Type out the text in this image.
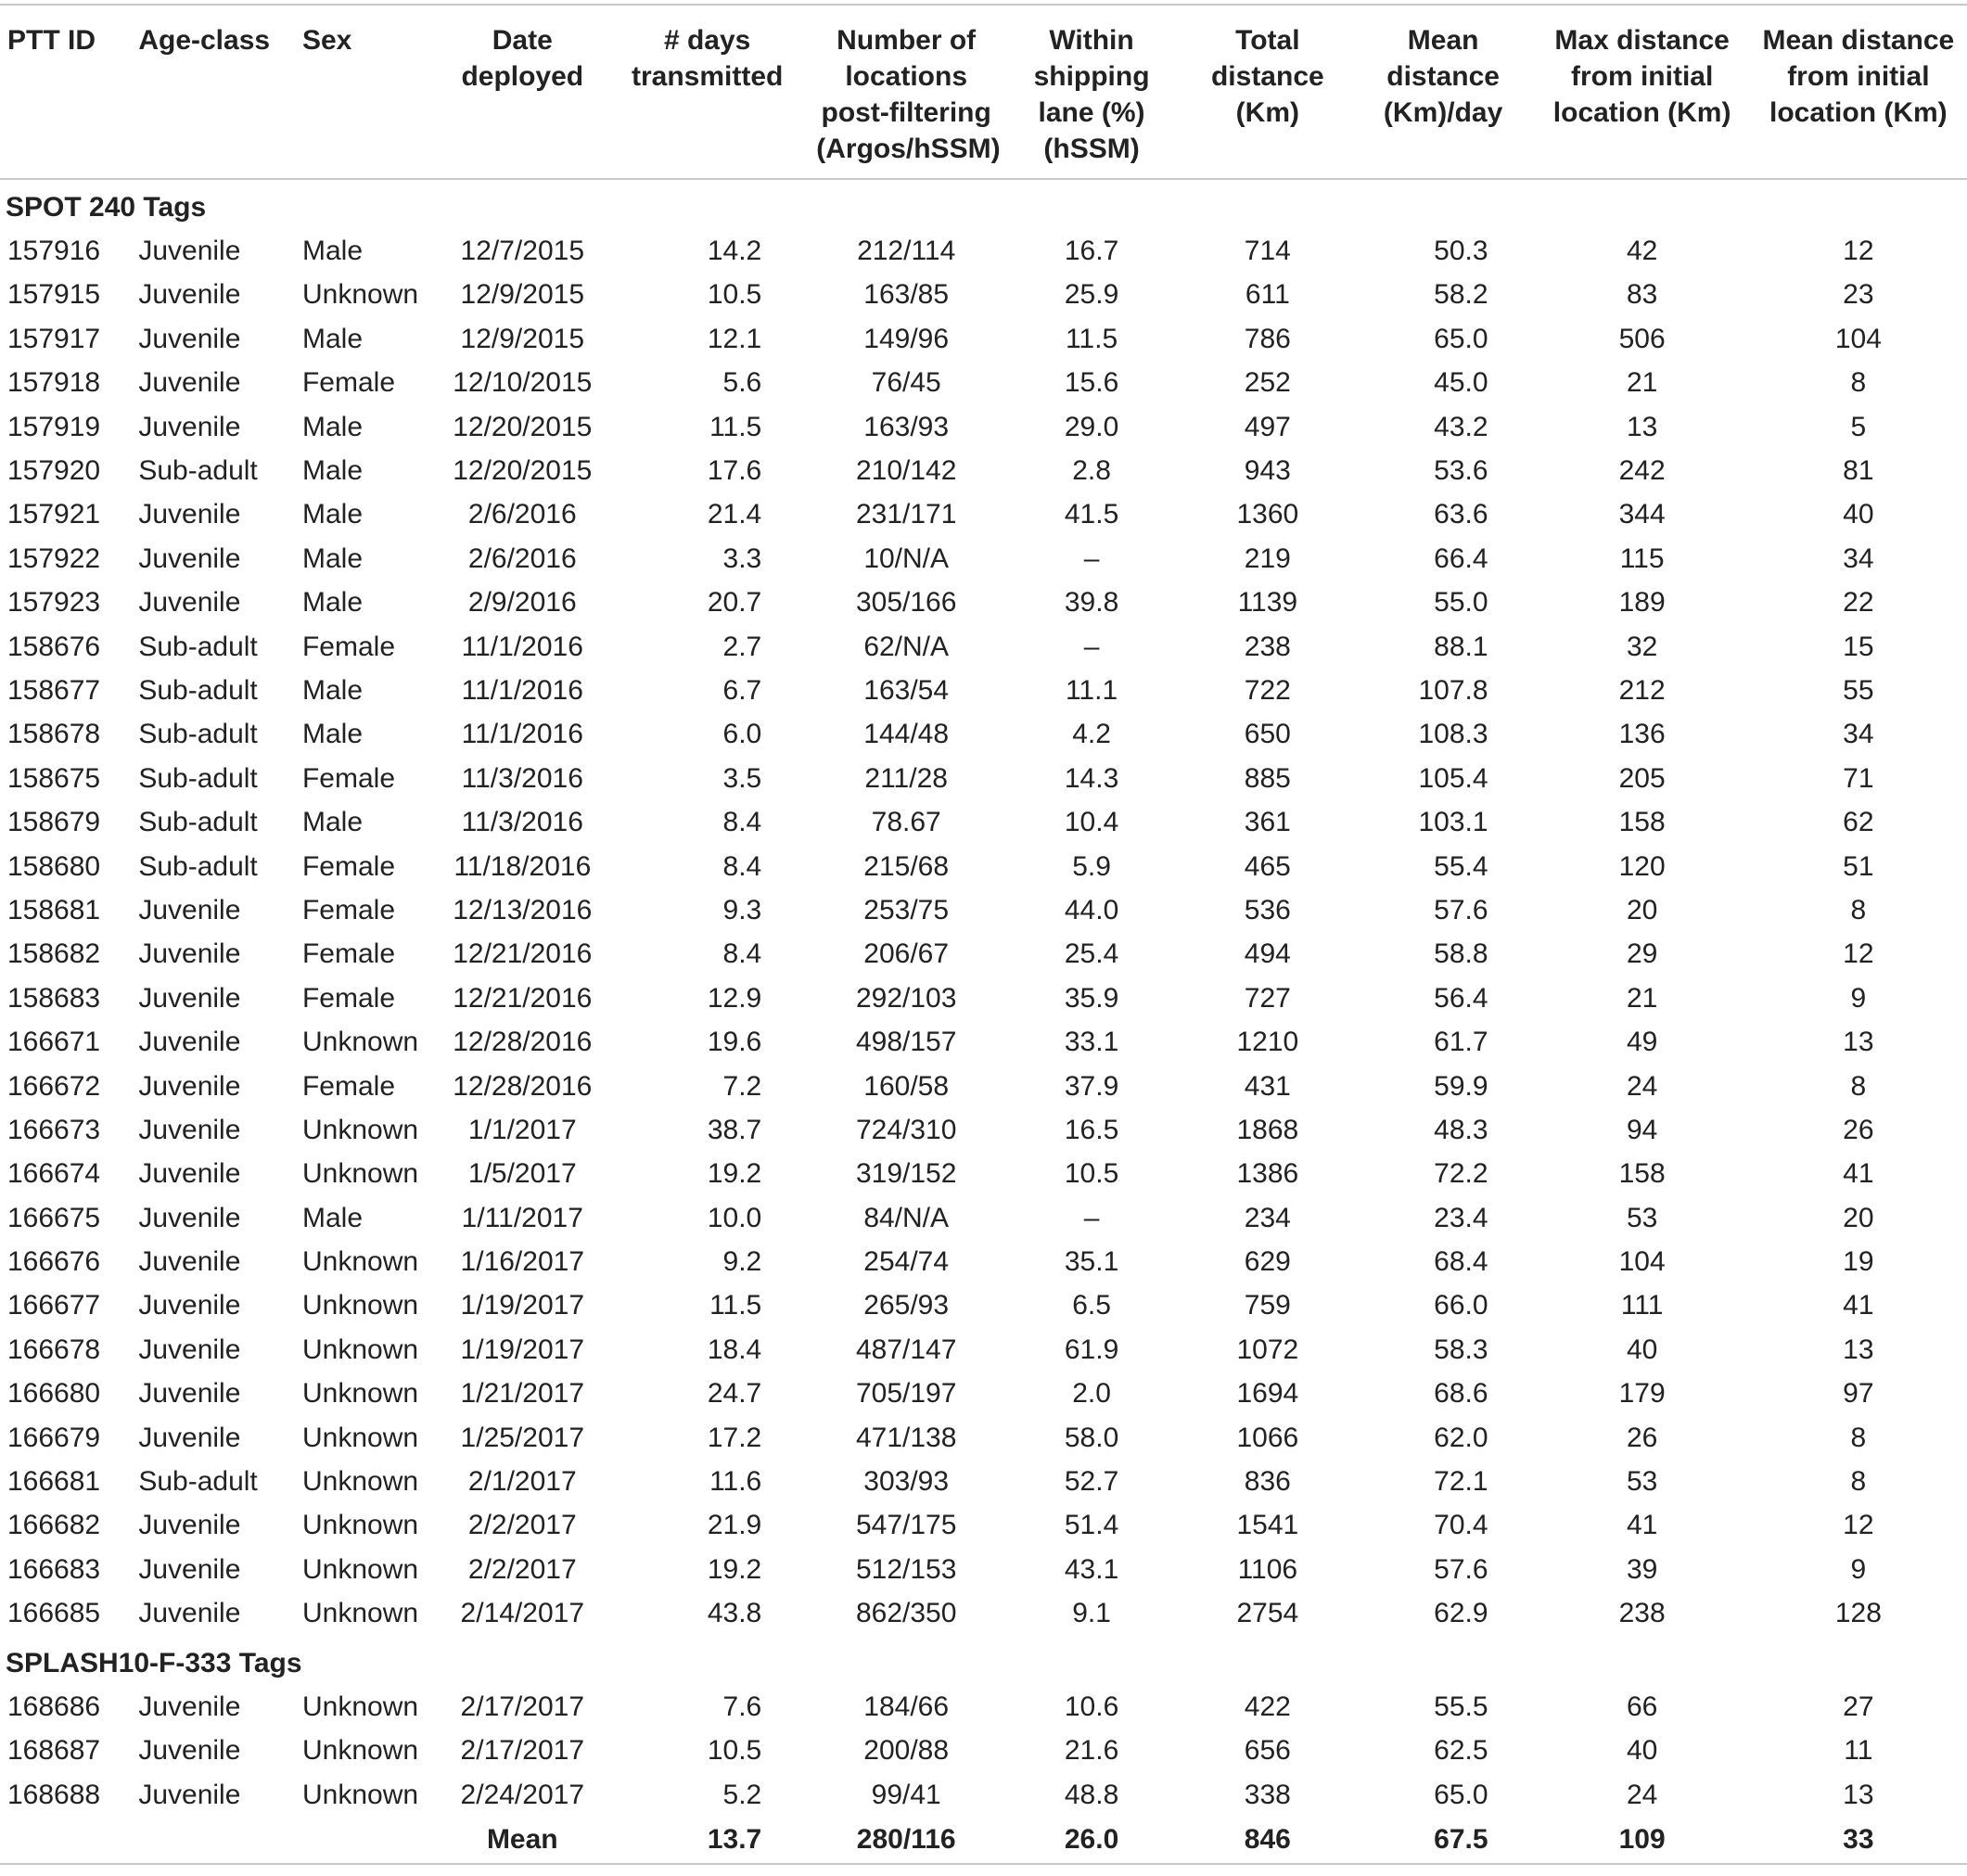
PTT ID	Age-class	Sex	Date deployed	# days transmitted	Number of locations post-filtering (Argos/hSSM)	Within shipping lane (%) (hSSM)	Total distance (Km)	Mean distance (Km)/day	Max distance from initial location (Km)	Mean distance from initial location (Km)
SPOT 240 Tags										
157916	Juvenile	Male	12/7/2015	14.2	212/114	16.7	714	50.3	42	12
157915	Juvenile	Unknown	12/9/2015	10.5	163/85	25.9	611	58.2	83	23
157917	Juvenile	Male	12/9/2015	12.1	149/96	11.5	786	65.0	506	104
157918	Juvenile	Female	12/10/2015	5.6	76/45	15.6	252	45.0	21	8
157919	Juvenile	Male	12/20/2015	11.5	163/93	29.0	497	43.2	13	5
157920	Sub-adult	Male	12/20/2015	17.6	210/142	2.8	943	53.6	242	81
157921	Juvenile	Male	2/6/2016	21.4	231/171	41.5	1360	63.6	344	40
157922	Juvenile	Male	2/6/2016	3.3	10/N/A	–	219	66.4	115	34
157923	Juvenile	Male	2/9/2016	20.7	305/166	39.8	1139	55.0	189	22
158676	Sub-adult	Female	11/1/2016	2.7	62/N/A	–	238	88.1	32	15
158677	Sub-adult	Male	11/1/2016	6.7	163/54	11.1	722	107.8	212	55
158678	Sub-adult	Male	11/1/2016	6.0	144/48	4.2	650	108.3	136	34
158675	Sub-adult	Female	11/3/2016	3.5	211/28	14.3	885	105.4	205	71
158679	Sub-adult	Male	11/3/2016	8.4	78.67	10.4	361	103.1	158	62
158680	Sub-adult	Female	11/18/2016	8.4	215/68	5.9	465	55.4	120	51
158681	Juvenile	Female	12/13/2016	9.3	253/75	44.0	536	57.6	20	8
158682	Juvenile	Female	12/21/2016	8.4	206/67	25.4	494	58.8	29	12
158683	Juvenile	Female	12/21/2016	12.9	292/103	35.9	727	56.4	21	9
166671	Juvenile	Unknown	12/28/2016	19.6	498/157	33.1	1210	61.7	49	13
166672	Juvenile	Female	12/28/2016	7.2	160/58	37.9	431	59.9	24	8
166673	Juvenile	Unknown	1/1/2017	38.7	724/310	16.5	1868	48.3	94	26
166674	Juvenile	Unknown	1/5/2017	19.2	319/152	10.5	1386	72.2	158	41
166675	Juvenile	Male	1/11/2017	10.0	84/N/A	–	234	23.4	53	20
166676	Juvenile	Unknown	1/16/2017	9.2	254/74	35.1	629	68.4	104	19
166677	Juvenile	Unknown	1/19/2017	11.5	265/93	6.5	759	66.0	111	41
166678	Juvenile	Unknown	1/19/2017	18.4	487/147	61.9	1072	58.3	40	13
166680	Juvenile	Unknown	1/21/2017	24.7	705/197	2.0	1694	68.6	179	97
166679	Juvenile	Unknown	1/25/2017	17.2	471/138	58.0	1066	62.0	26	8
166681	Sub-adult	Unknown	2/1/2017	11.6	303/93	52.7	836	72.1	53	8
166682	Juvenile	Unknown	2/2/2017	21.9	547/175	51.4	1541	70.4	41	12
166683	Juvenile	Unknown	2/2/2017	19.2	512/153	43.1	1106	57.6	39	9
166685	Juvenile	Unknown	2/14/2017	43.8	862/350	9.1	2754	62.9	238	128
SPLASH10-F-333 Tags										
168686	Juvenile	Unknown	2/17/2017	7.6	184/66	10.6	422	55.5	66	27
168687	Juvenile	Unknown	2/17/2017	10.5	200/88	21.6	656	62.5	40	11
168688	Juvenile	Unknown	2/24/2017	5.2	99/41	48.8	338	65.0	24	13
			Mean	13.7	280/116	26.0	846	67.5	109	33
